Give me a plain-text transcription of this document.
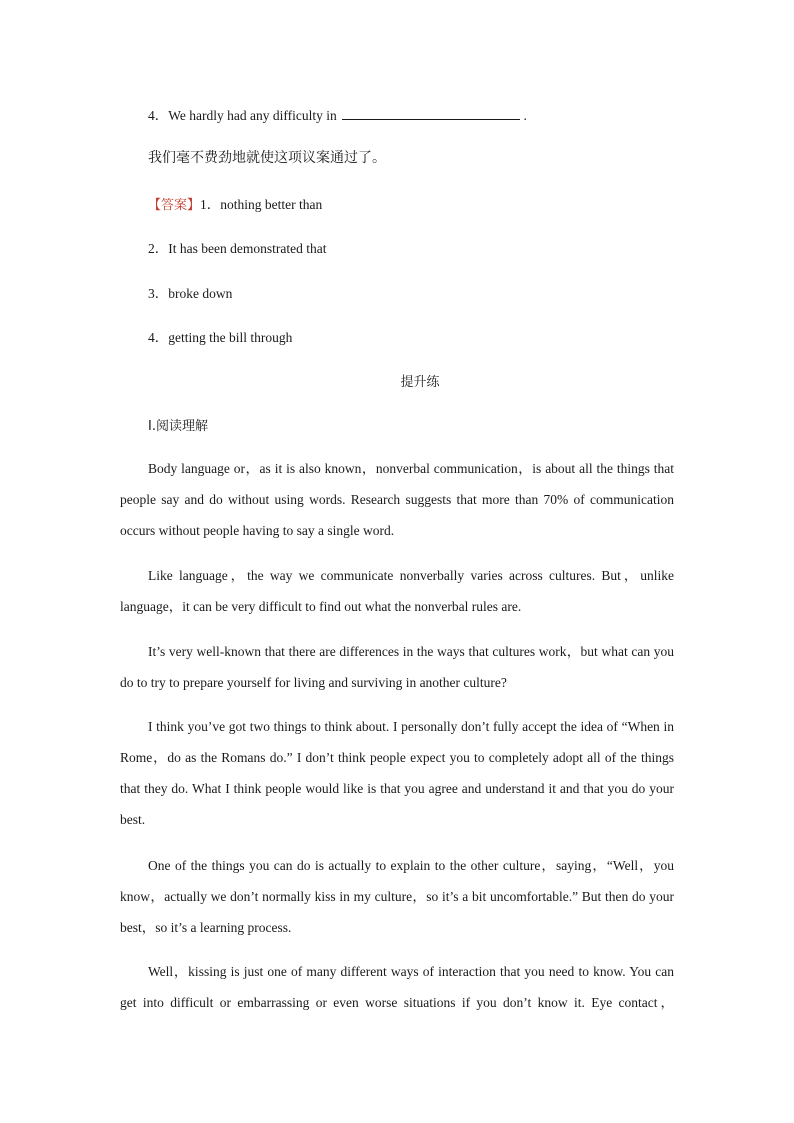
4．We hardly had any difficulty in	.
我们毫不费劲地就使这项议案通过了。
【答案】1．nothing better than
2．It has been demonstrated that
3．broke down
4．getting the bill through
提升练
Ⅰ.阅读理解
Body language or，as it is also known，nonverbal communication，is about all the things that people say and do without using words. Research suggests that more than 70% of communication occurs without people having to say a single word.
Like language，the way we communicate nonverbally varies across cultures. But，unlike language，it can be very difficult to find out what the nonverbal rules are.
It’s very well-known that there are differences in the ways that cultures work，but what can you do to try to prepare yourself for living and surviving in another culture?
I think you’ve got two things to think about. I personally don’t fully accept the idea of “When in Rome，do as the Romans do.” I don’t think people expect you to completely adopt all of the things that they do. What I think people would like is that you agree and understand it and that you do your best.
One of the things you can do is actually to explain to the other culture，saying，“Well，you know，actually we don’t normally kiss in my culture，so it’s a bit uncomfortable.” But then do your best，so it’s a learning process.
Well，kissing is just one of many different ways of interaction that you need to know. You can get into difficult or embarrassing or even worse situations if you don’t know it. Eye contact，
